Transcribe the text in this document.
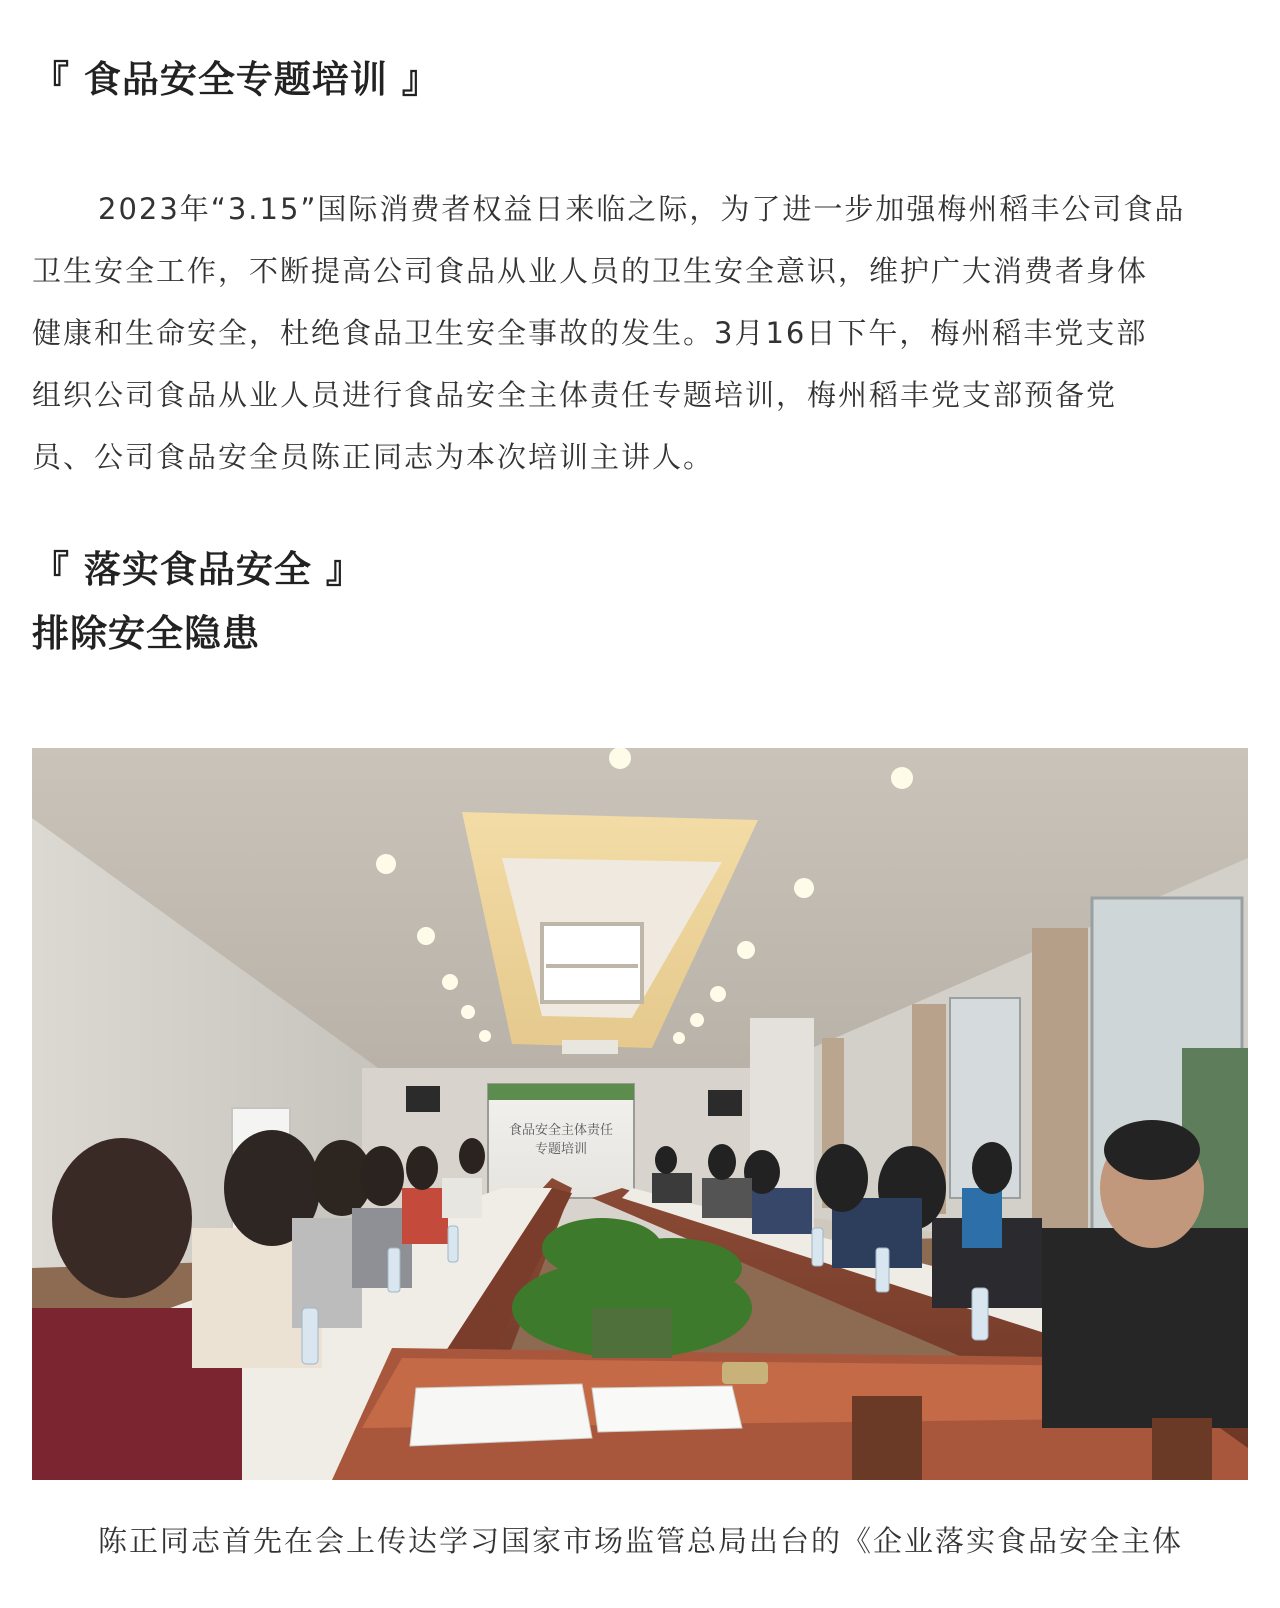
『 食品安全专题培训 』
2023年“3.15”国际消费者权益日来临之际，为了进一步加强梅州稻丰公司食品
卫生安全工作，不断提高公司食品从业人员的卫生安全意识，维护广大消费者身体
健康和生命安全，杜绝食品卫生安全事故的发生。3月16日下午，梅州稻丰党支部
组织公司食品从业人员进行食品安全主体责任专题培训，梅州稻丰党支部预备党
员、公司食品安全员陈正同志为本次培训主讲人。
『 落实食品安全 』
排除安全隐患
食品安全主体责任
专题培训
陈正同志首先在会上传达学习国家市场监管总局出台的《企业落实食品安全主体
